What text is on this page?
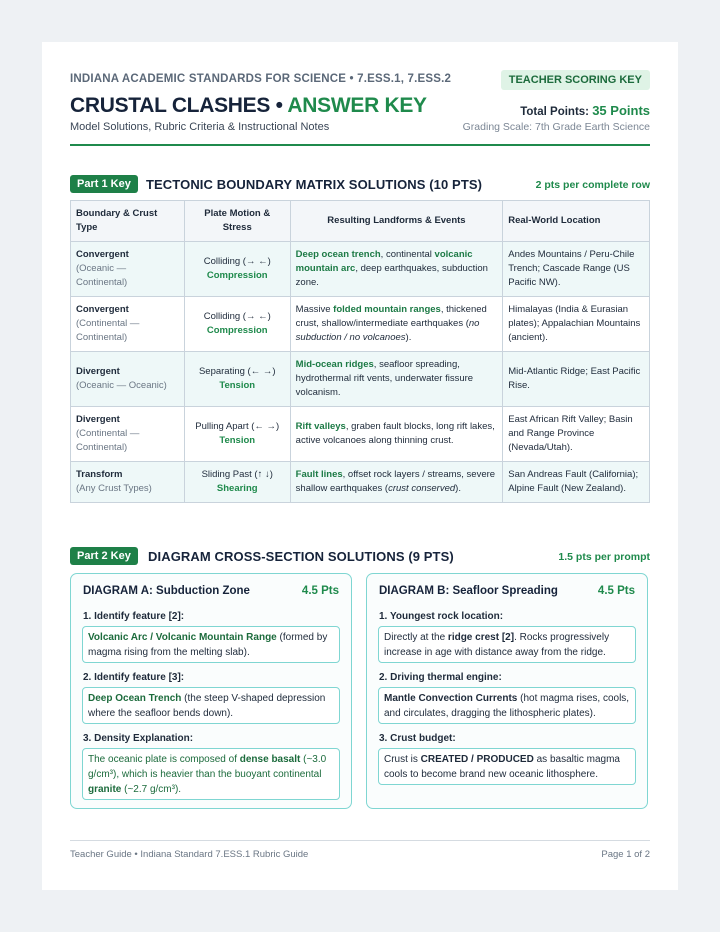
INDIANA ACADEMIC STANDARDS FOR SCIENCE • 7.ESS.1, 7.ESS.2	TEACHER SCORING KEY
CRUSTAL CLASHES • ANSWER KEY	Total Points: 35 Points
Model Solutions, Rubric Criteria & Instructional Notes	Grading Scale: 7th Grade Earth Science
Part 1 Key	TECTONIC BOUNDARY MATRIX SOLUTIONS (10 PTS)	2 pts per complete row
Boundary & Crust Type	Plate Motion & Stress	Resulting Landforms & Events	Real-World Location

Convergent
(Oceanic — Continental)	Colliding (→ ←)
Compression	Deep ocean trench, continental volcanic mountain arc, deep earthquakes, subduction zone.	Andes Mountains / Peru-Chile Trench; Cascade Range (US Pacific NW).

Convergent
(Continental — Continental)	Colliding (→ ←)
Compression	Massive folded mountain ranges, thickened crust, shallow/intermediate earthquakes (no subduction / no volcanoes).	Himalayas (India & Eurasian plates); Appalachian Mountains (ancient).

Divergent
(Oceanic — Oceanic)	Separating (← →)
Tension	Mid-ocean ridges, seafloor spreading, hydrothermal rift vents, underwater fissure volcanism.	Mid-Atlantic Ridge; East Pacific Rise.

Divergent
(Continental — Continental)	Pulling Apart (← →)
Tension	Rift valleys, graben fault blocks, long rift lakes, active volcanoes along thinning crust.	East African Rift Valley; Basin and Range Province (Nevada/Utah).

Transform
(Any Crust Types)	Sliding Past (↑ ↓)
Shearing	Fault lines, offset rock layers / streams, severe shallow earthquakes (crust conserved).	San Andreas Fault (California); Alpine Fault (New Zealand).
Part 2 Key	DIAGRAM CROSS-SECTION SOLUTIONS (9 PTS)	1.5 pts per prompt
DIAGRAM A: Subduction Zone	4.5 Pts
1. Identify feature [2]:
Volcanic Arc / Volcanic Mountain Range (formed by magma rising from the melting slab).
2. Identify feature [3]:
Deep Ocean Trench (the steep V-shaped depression where the seafloor bends down).
3. Density Explanation:
The oceanic plate is composed of dense basalt (~3.0 g/cm³), which is heavier than the buoyant continental granite (~2.7 g/cm³).
DIAGRAM B: Seafloor Spreading	4.5 Pts
1. Youngest rock location:
Directly at the ridge crest [2]. Rocks progressively increase in age with distance away from the ridge.
2. Driving thermal engine:
Mantle Convection Currents (hot magma rises, cools, and circulates, dragging the lithospheric plates).
3. Crust budget:
Crust is CREATED / PRODUCED as basaltic magma cools to become brand new oceanic lithosphere.
Teacher Guide • Indiana Standard 7.ESS.1 Rubric Guide	Page 1 of 2
